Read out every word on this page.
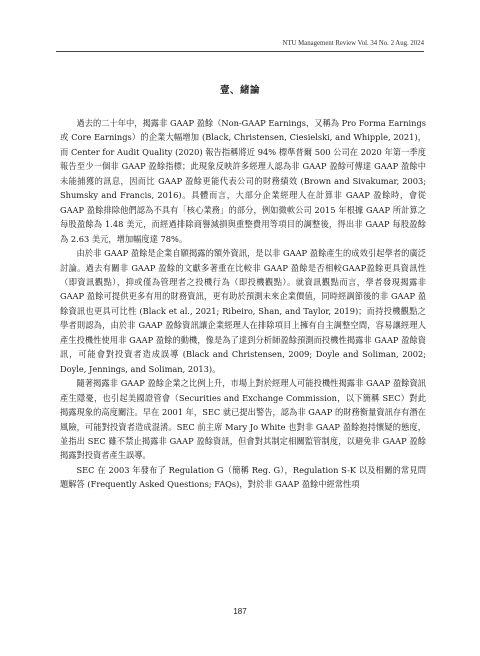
NTU Management Review Vol. 34 No. 2 Aug. 2024
壹、緒論

過去的二十年中，揭露非 GAAP 盈餘（Non-GAAP Earnings，又稱為 Pro Forma Earnings 或 Core Earnings）的企業大幅增加 (Black, Christensen, Ciesielski, and Whipple, 2021)，而 Center for Audit Quality (2020) 報告指稱將近 94% 標準普爾 500 公司在 2020 年第一季度報告至少一個非 GAAP 盈餘指標；此現象反映許多經理人認為非 GAAP 盈餘可傳達 GAAP 盈餘中未能捕獲的訊息，因而比 GAAP 盈餘更能代表公司的財務績效 (Brown and Sivakumar, 2003; Shumsky and Francis, 2016)。具體而言，大部分企業經理人在計算非 GAAP 盈餘時，會從 GAAP 盈餘排除他們認為不具有「核心業務」的部分，例如微軟公司 2015 年根據 GAAP 所計算之每股盈餘為 1.48 美元，而經過排除商譽減損與重整費用等項目的調整後，得出非 GAAP 每股盈餘為 2.63 美元，增加幅度達 78%。

由於非 GAAP 盈餘是企業自願揭露的額外資訊，是以非 GAAP 盈餘產生的成效引起學者的廣泛討論。過去有關非 GAAP 盈餘的文獻多著重在比較非 GAAP 盈餘是否相較GAAP盈餘更具資訊性（即資訊觀點），抑或僅為管理者之投機行為（即投機觀點）。就資訊觀點而言，學者發現揭露非 GAAP 盈餘可提供更多有用的財務資訊，更有助於預測未來企業價值，同時經調節後的非 GAAP 盈餘資訊也更具可比性 (Black et al., 2021; Ribeiro, Shan, and Taylor, 2019)；而持投機觀點之學者則認為，由於非 GAAP 盈餘資訊讓企業經理人在排除項目上擁有自主調整空間，容易讓經理人產生投機性使用非 GAAP 盈餘的動機，像是為了達到分析師盈餘預測而投機性揭露非 GAAP 盈餘資訊，可能會對投資者造成誤導 (Black and Christensen, 2009; Doyle and Soliman, 2002; Doyle, Jennings, and Soliman, 2013)。

隨著揭露非 GAAP 盈餘企業之比例上升，市場上對於經理人可能投機性揭露非 GAAP 盈餘資訊產生隱憂，也引起美國證管會（Securities and Exchange Commission，以下簡稱 SEC）對此揭露現象的高度關注。早在 2001 年，SEC 就已提出警告，認為非 GAAP 的財務衡量資訊存有潛在風險，可能對投資者造成混淆。SEC 前主席 Mary Jo White 也對非 GAAP 盈餘抱持懷疑的態度，並指出 SEC 雖不禁止揭露非 GAAP 盈餘資訊，但會對其制定相關監管制度，以避免非 GAAP 盈餘揭露對投資者產生誤導。

SEC 在 2003 年發布了 Regulation G（簡稱 Reg. G），Regulation S-K 以及相關的常見問題解答 (Frequently Asked Questions; FAQs)，對於非 GAAP 盈餘中經常性項

187
